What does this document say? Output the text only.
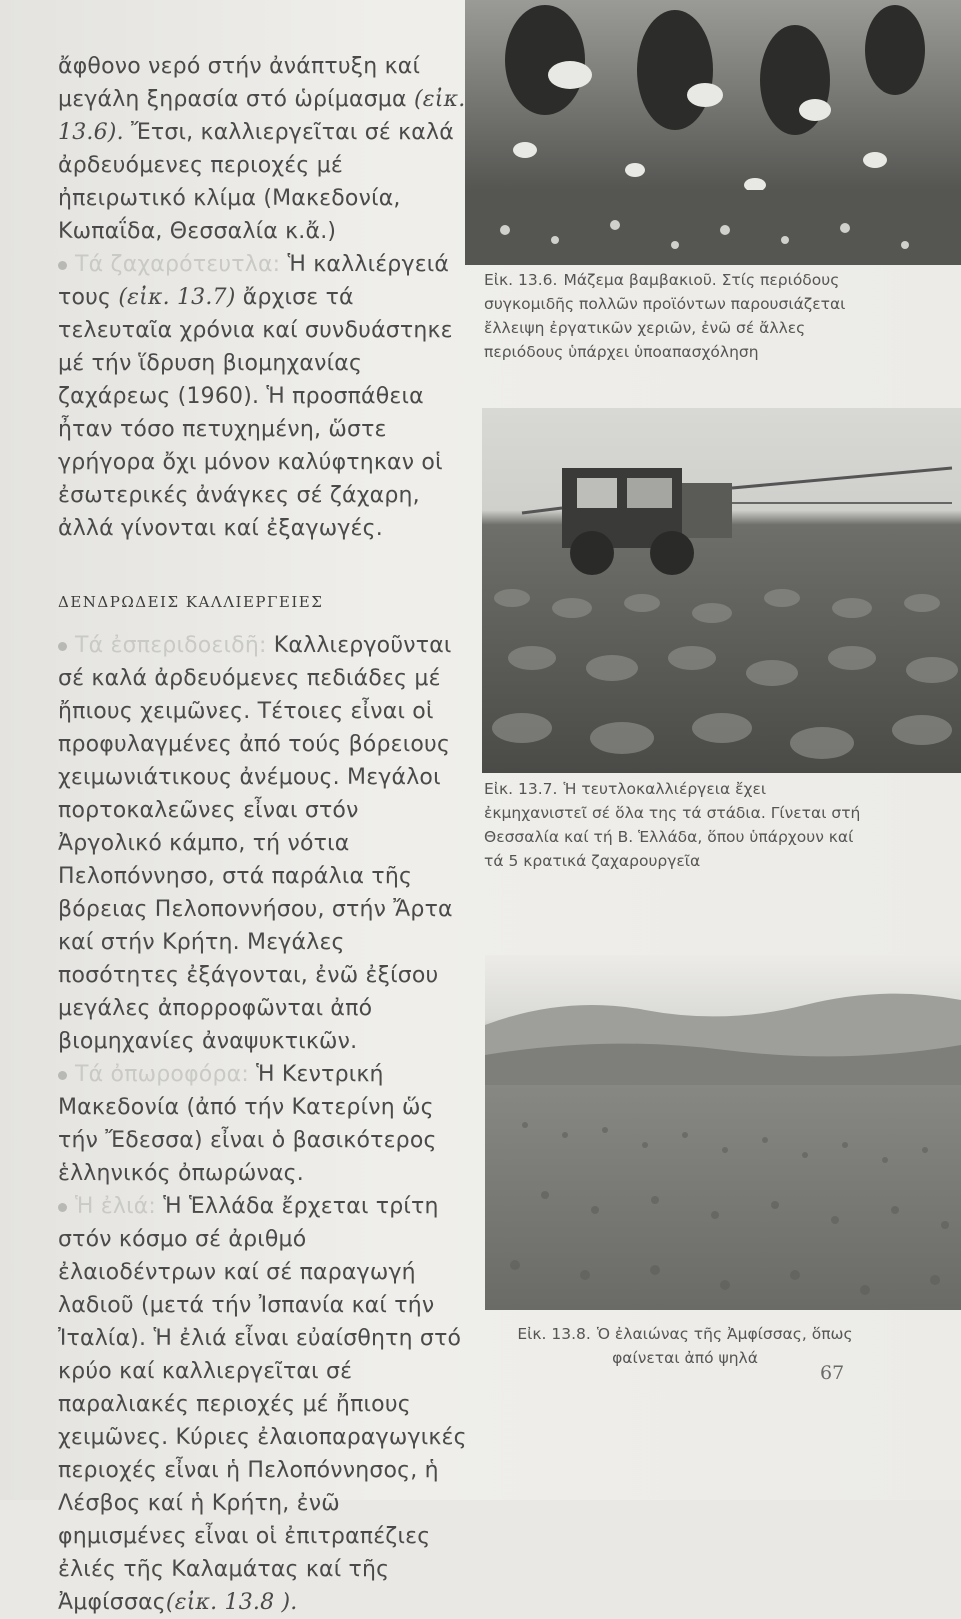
ἄφθονο νερό στήν ἀνάπτυξη καί μεγάλη ξηρασία στό ὡρίμασμα (εἰκ. 13.6). Ἔτσι, καλλιεργεῖται σέ καλά ἀρδευόμενες περιοχές μέ ἠπειρωτικό κλίμα (Μακεδονία, Κωπαΐδα, Θεσσαλία κ.ἄ.)

Τά ζαχαρότευτλα: Ἡ καλλιέργειά τους (εἰκ. 13.7) ἄρχισε τά τελευταῖα χρόνια καί συνδυάστηκε μέ τήν ἵδρυση βιομηχανίας ζαχάρεως (1960). Ἡ προσπάθεια ἦταν τόσο πετυχημένη, ὥστε γρήγορα ὄχι μόνον καλύφτηκαν οἱ ἐσωτερικές ἀνάγκες σέ ζάχαρη, ἀλλά γίνονται καί ἐξαγωγές.

ΔΕΝΔΡΩΔΕΙΣ ΚΑΛΛΙΕΡΓΕΙΕΣ

Τά ἐσπεριδοειδῆ: Καλλιεργοῦνται σέ καλά ἀρδευόμενες πεδιάδες μέ ἤπιους χειμῶνες. Τέτοιες εἶναι οἱ προφυλαγμένες ἀπό τούς βόρειους χειμωνιάτικους ἀνέμους. Μεγάλοι πορτοκαλεῶνες εἶναι στόν Ἀργολικό κάμπο, τή νότια Πελοπόννησο, στά παράλια τῆς βόρειας Πελοποννήσου, στήν Ἄρτα καί στήν Κρήτη. Μεγάλες ποσότητες ἐξάγονται, ἐνῶ ἐξίσου μεγάλες ἀπορροφῶνται ἀπό βιομηχανίες ἀναψυκτικῶν.

Τά ὀπωροφόρα: Ἡ Κεντρική Μακεδονία (ἀπό τήν Κατερίνη ὥς τήν Ἔδεσσα) εἶναι ὁ βασικότερος ἑλληνικός ὀπωρώνας.

Ἡ ἐλιά: Ἡ Ἑλλάδα ἔρχεται τρίτη στόν κόσμο σέ ἀριθμό ἐλαιοδέντρων καί σέ παραγωγή λαδιοῦ (μετά τήν Ἰσπανία καί τήν Ἰταλία). Ἡ ἐλιά εἶναι εὐαίσθητη στό κρύο καί καλλιεργεῖται σέ παραλιακές περιοχές μέ ἤπιους χειμῶνες. Κύριες ἐλαιοπαραγωγικές περιοχές εἶναι ἡ Πελοπόννησος, ἡ Λέσβος καί ἡ Κρήτη, ἐνῶ φημισμένες εἶναι οἱ ἐπιτραπέζιες ἐλιές τῆς Καλαμάτας καί τῆς Ἀμφίσσας(εἰκ. 13.8 ).

Εἰκ. 13.6. Μάζεμα βαμβακιοῦ. Στίς περιόδους συγκομιδῆς πολλῶν προϊόντων παρουσιάζεται ἔλλειψη ἐργατικῶν χεριῶν, ἐνῶ σέ ἄλλες περιόδους ὑπάρχει ὑποαπασχόληση
Εἰκ. 13.7. Ἡ τευτλοκαλλιέργεια ἔχει ἐκμηχανιστεῖ σέ ὅλα της τά στάδια. Γίνεται στή Θεσσαλία καί τή Β. Ἑλλάδα, ὅπου ὑπάρχουν καί τά 5 κρατικά ζαχαρουργεῖα
Εἰκ. 13.8. Ὁ ἐλαιώνας τῆς Ἀμφίσσας, ὅπως φαίνεται ἀπό ψηλά
67
